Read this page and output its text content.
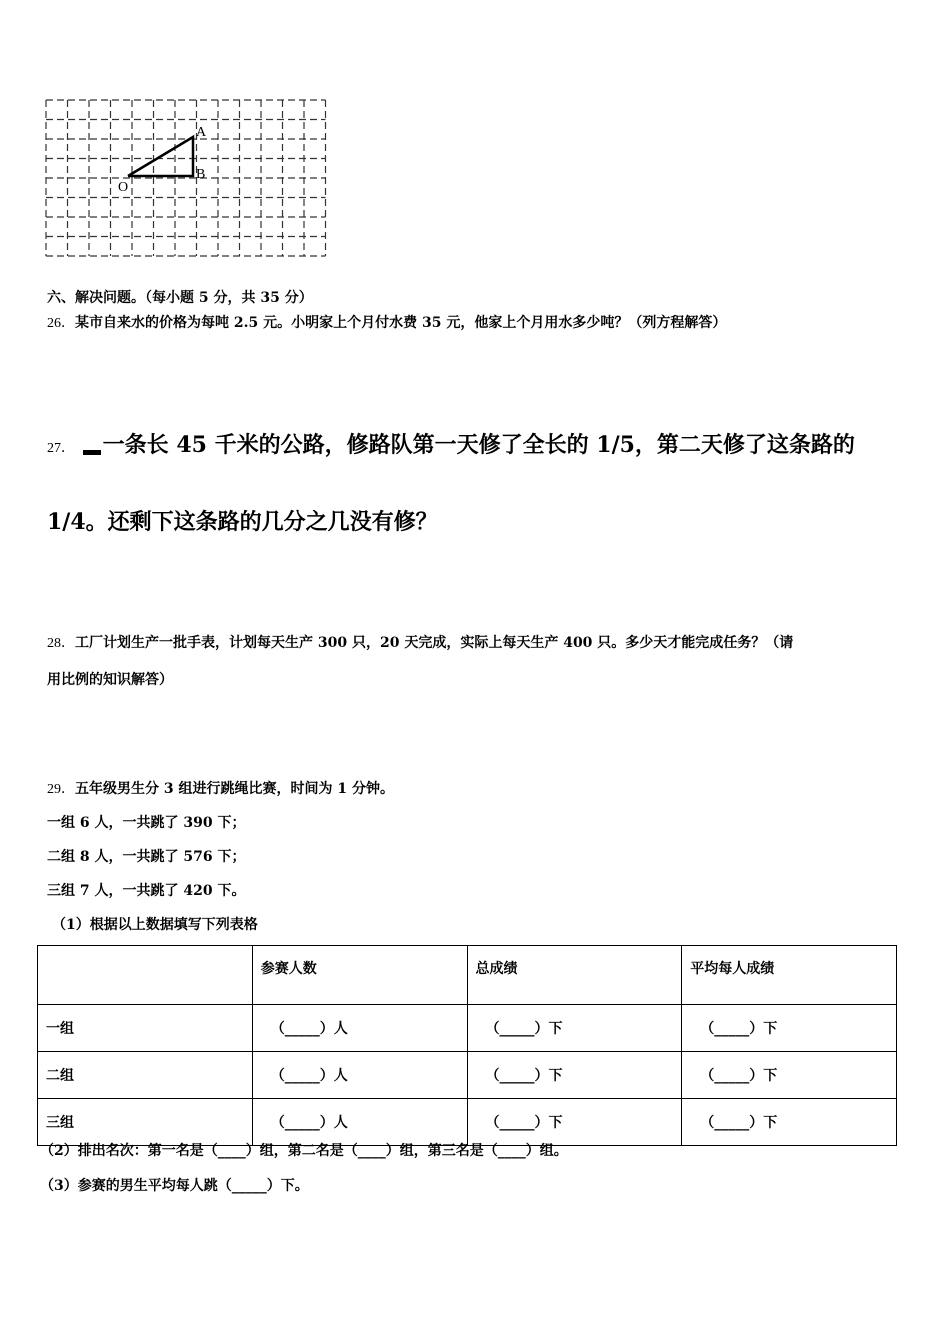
A
B
O
六、解决问题。（每小题 5 分，共 35 分）
26．某市自来水的价格为每吨 2.5 元。小明家上个月付水费 35 元，他家上个月用水多少吨？（列方程解答）
27． 一条长 45 千米的公路，修路队第一天修了全长的 1/5，第二天修了这条路的
1/4。还剩下这条路的几分之几没有修？
28．工厂计划生产一批手表，计划每天生产 300 只，20 天完成，实际上每天生产 400 只。多少天才能完成任务？（请
用比例的知识解答）
29．五年级男生分 3 组进行跳绳比赛，时间为 1 分钟。
一组 6 人，一共跳了 390 下；
二组 8 人，一共跳了 576 下；
三组 7 人，一共跳了 420 下。
（1）根据以上数据填写下列表格
	参赛人数	总成绩	平均每人成绩
一组	（_____）人	（_____）下	（_____）下
二组	（_____）人	（_____）下	（_____）下
三组	（_____）人	（_____）下	（_____）下
（2）排出名次：第一名是（____）组，第二名是（____）组，第三名是（____）组。
（3）参赛的男生平均每人跳（_____）下。
